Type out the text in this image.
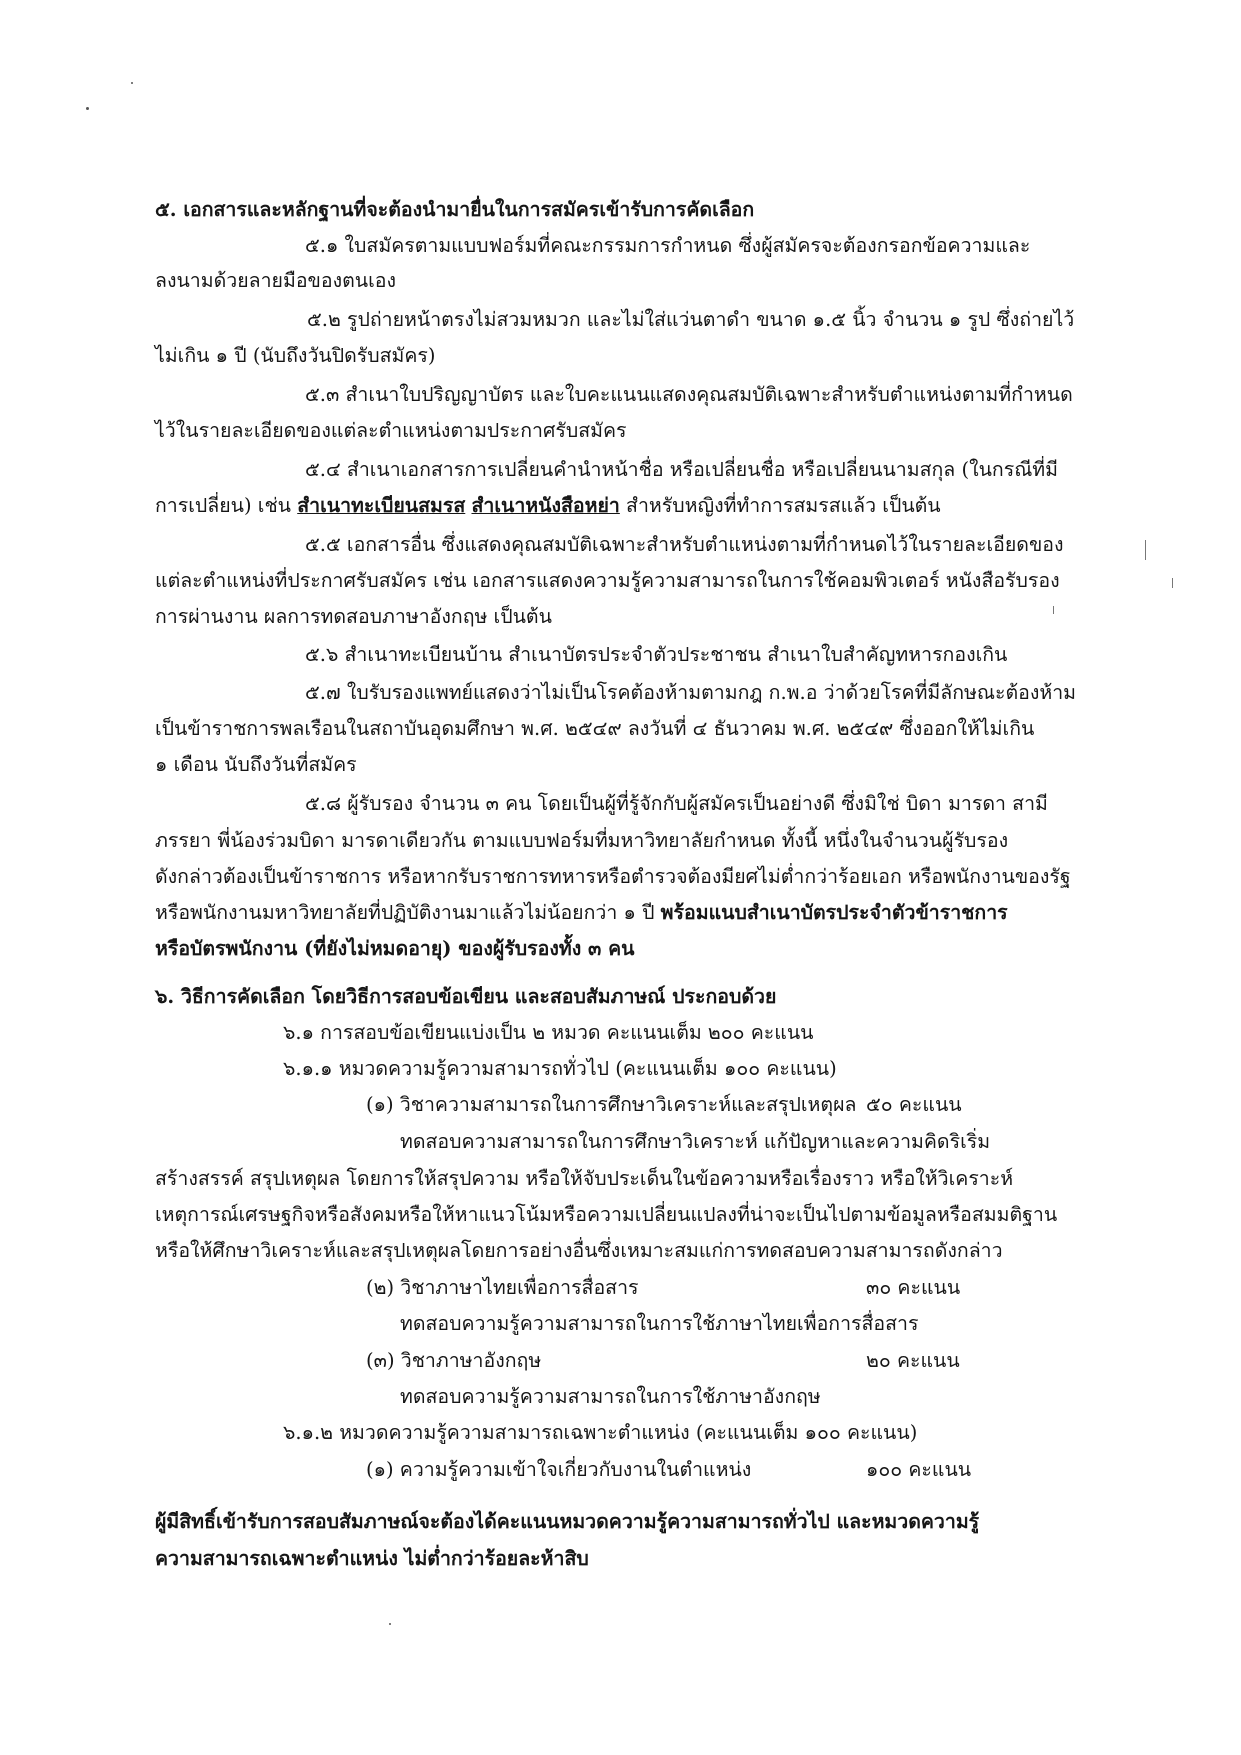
๕. เอกสารและหลักฐานที่จะต้องนำมายื่นในการสมัครเข้ารับการคัดเลือก
๕.๑ ใบสมัครตามแบบฟอร์มที่คณะกรรมการกำหนด ซึ่งผู้สมัครจะต้องกรอกข้อความและ
ลงนามด้วยลายมือของตนเอง
๕.๒ รูปถ่ายหน้าตรงไม่สวมหมวก และไม่ใส่แว่นตาดำ ขนาด ๑.๕ นิ้ว จำนวน ๑ รูป ซึ่งถ่ายไว้
ไม่เกิน ๑ ปี (นับถึงวันปิดรับสมัคร)
๕.๓ สำเนาใบปริญญาบัตร และใบคะแนนแสดงคุณสมบัติเฉพาะสำหรับตำแหน่งตามที่กำหนด
ไว้ในรายละเอียดของแต่ละตำแหน่งตามประกาศรับสมัคร
๕.๔ สำเนาเอกสารการเปลี่ยนคำนำหน้าชื่อ หรือเปลี่ยนชื่อ หรือเปลี่ยนนามสกุล (ในกรณีที่มี
การเปลี่ยน) เช่น สำเนาทะเบียนสมรส สำเนาหนังสือหย่า สำหรับหญิงที่ทำการสมรสแล้ว เป็นต้น
๕.๕ เอกสารอื่น ซึ่งแสดงคุณสมบัติเฉพาะสำหรับตำแหน่งตามที่กำหนดไว้ในรายละเอียดของ
แต่ละตำแหน่งที่ประกาศรับสมัคร เช่น เอกสารแสดงความรู้ความสามารถในการใช้คอมพิวเตอร์ หนังสือรับรอง
การผ่านงาน ผลการทดสอบภาษาอังกฤษ เป็นต้น
๕.๖ สำเนาทะเบียนบ้าน สำเนาบัตรประจำตัวประชาชน สำเนาใบสำคัญทหารกองเกิน
๕.๗ ใบรับรองแพทย์แสดงว่าไม่เป็นโรคต้องห้ามตามกฎ ก.พ.อ ว่าด้วยโรคที่มีลักษณะต้องห้าม
เป็นข้าราชการพลเรือนในสถาบันอุดมศึกษา พ.ศ. ๒๕๔๙ ลงวันที่ ๔ ธันวาคม พ.ศ. ๒๕๔๙ ซึ่งออกให้ไม่เกิน
๑ เดือน นับถึงวันที่สมัคร
๕.๘ ผู้รับรอง จำนวน ๓ คน โดยเป็นผู้ที่รู้จักกับผู้สมัครเป็นอย่างดี ซึ่งมิใช่ บิดา มารดา สามี
ภรรยา พี่น้องร่วมบิดา มารดาเดียวกัน ตามแบบฟอร์มที่มหาวิทยาลัยกำหนด ทั้งนี้ หนึ่งในจำนวนผู้รับรอง
ดังกล่าวต้องเป็นข้าราชการ หรือหากรับราชการทหารหรือตำรวจต้องมียศไม่ต่ำกว่าร้อยเอก หรือพนักงานของรัฐ
หรือพนักงานมหาวิทยาลัยที่ปฏิบัติงานมาแล้วไม่น้อยกว่า ๑ ปี พร้อมแนบสำเนาบัตรประจำตัวข้าราชการ
หรือบัตรพนักงาน (ที่ยังไม่หมดอายุ) ของผู้รับรองทั้ง ๓ คน
๖. วิธีการคัดเลือก โดยวิธีการสอบข้อเขียน และสอบสัมภาษณ์ ประกอบด้วย
๖.๑ การสอบข้อเขียนแบ่งเป็น ๒ หมวด คะแนนเต็ม ๒๐๐ คะแนน
๖.๑.๑ หมวดความรู้ความสามารถทั่วไป (คะแนนเต็ม ๑๐๐ คะแนน)
(๑) วิชาความสามารถในการศึกษาวิเคราะห์และสรุปเหตุผล ๕๐ คะแนน
ทดสอบความสามารถในการศึกษาวิเคราะห์ แก้ปัญหาและความคิดริเริ่ม
สร้างสรรค์ สรุปเหตุผล โดยการให้สรุปความ หรือให้จับประเด็นในข้อความหรือเรื่องราว หรือให้วิเคราะห์
เหตุการณ์เศรษฐกิจหรือสังคมหรือให้หาแนวโน้มหรือความเปลี่ยนแปลงที่น่าจะเป็นไปตามข้อมูลหรือสมมติฐาน
หรือให้ศึกษาวิเคราะห์และสรุปเหตุผลโดยการอย่างอื่นซึ่งเหมาะสมแก่การทดสอบความสามารถดังกล่าว
(๒) วิชาภาษาไทยเพื่อการสื่อสาร	๓๐ คะแนน
ทดสอบความรู้ความสามารถในการใช้ภาษาไทยเพื่อการสื่อสาร
(๓) วิชาภาษาอังกฤษ	๒๐ คะแนน
ทดสอบความรู้ความสามารถในการใช้ภาษาอังกฤษ
๖.๑.๒ หมวดความรู้ความสามารถเฉพาะตำแหน่ง (คะแนนเต็ม ๑๐๐ คะแนน)
(๑) ความรู้ความเข้าใจเกี่ยวกับงานในตำแหน่ง	๑๐๐ คะแนน
ผู้มีสิทธิ์เข้ารับการสอบสัมภาษณ์จะต้องได้คะแนนหมวดความรู้ความสามารถทั่วไป และหมวดความรู้
ความสามารถเฉพาะตำแหน่ง ไม่ต่ำกว่าร้อยละห้าสิบ
